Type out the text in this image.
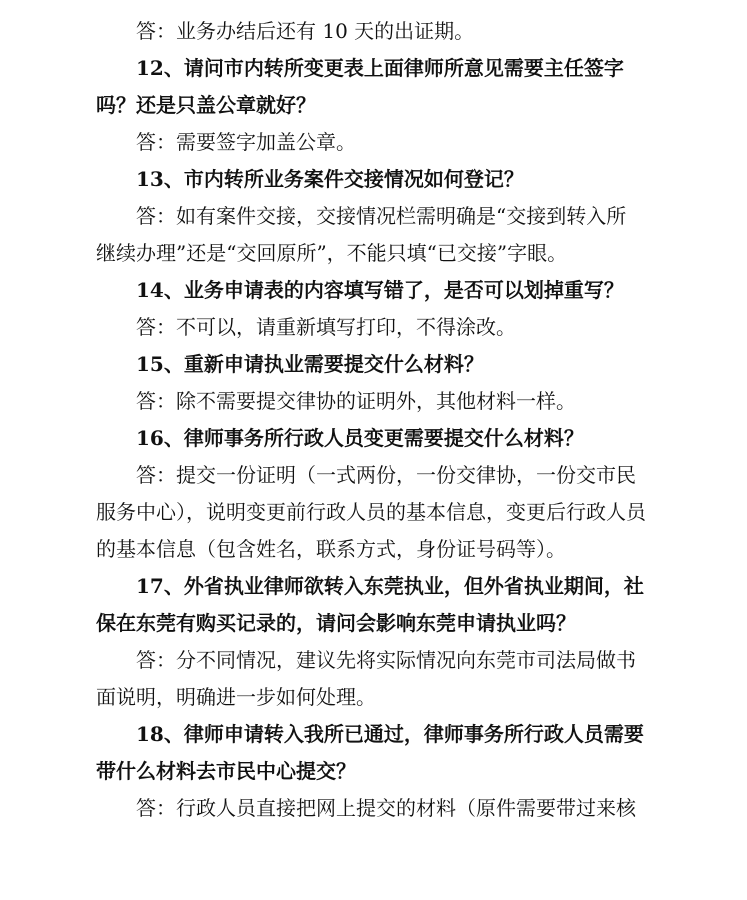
答：业务办结后还有 10 天的出证期。
12、请问市内转所变更表上面律师所意见需要主任签字
吗？还是只盖公章就好？
答：需要签字加盖公章。
13、市内转所业务案件交接情况如何登记？
答：如有案件交接，交接情况栏需明确是“交接到转入所
继续办理”还是“交回原所”，不能只填“已交接”字眼。
14、业务申请表的内容填写错了，是否可以划掉重写？
答：不可以，请重新填写打印，不得涂改。
15、重新申请执业需要提交什么材料？
答：除不需要提交律协的证明外，其他材料一样。
16、律师事务所行政人员变更需要提交什么材料？
答：提交一份证明（一式两份，一份交律协，一份交市民
服务中心），说明变更前行政人员的基本信息，变更后行政人员
的基本信息（包含姓名，联系方式，身份证号码等）。
17、外省执业律师欲转入东莞执业，但外省执业期间，社
保在东莞有购买记录的，请问会影响东莞申请执业吗？
答：分不同情况，建议先将实际情况向东莞市司法局做书
面说明，明确进一步如何处理。
18、律师申请转入我所已通过，律师事务所行政人员需要
带什么材料去市民中心提交？
答：行政人员直接把网上提交的材料（原件需要带过来核
